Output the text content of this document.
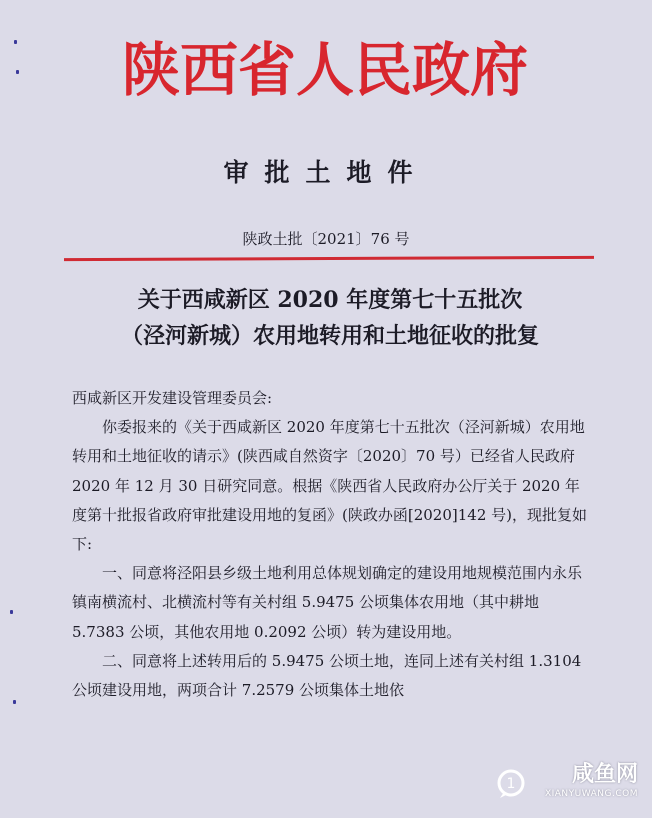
陕西省人民政府
审批土地件
陕政土批〔2021〕76 号
关于西咸新区 2020 年度第七十五批次
（泾河新城）农用地转用和土地征收的批复

西咸新区开发建设管理委员会:

你委报来的《关于西咸新区 2020 年度第七十五批次（泾河新城）农用地转用和土地征收的请示》(陕西咸自然资字〔2020〕70 号）已经省人民政府 2020 年 12 月 30 日研究同意。根据《陕西省人民政府办公厅关于 2020 年度第十批报省政府审批建设用地的复函》(陕政办函[2020]142 号)，现批复如下:

一、同意将泾阳县乡级土地利用总体规划确定的建设用地规模范围内永乐镇南横流村、北横流村等有关村组 5.9475 公顷集体农用地（其中耕地 5.7383 公顷，其他农用地 0.2092 公顷）转为建设用地。

二、同意将上述转用后的 5.9475 公顷土地，连同上述有关村组 1.3104 公顷建设用地，两项合计 7.2579 公顷集体土地依

1	咸鱼网
XIANYUWANG.COM
